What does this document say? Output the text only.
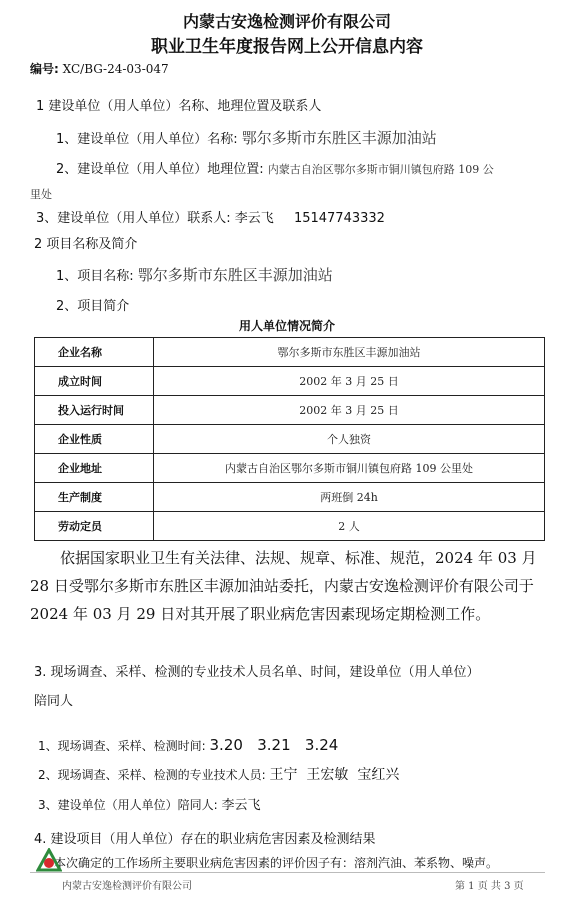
内蒙古安逸检测评价有限公司
职业卫生年度报告网上公开信息内容
编号: XC/BG-24-03-047
1 建设单位（用人单位）名称、地理位置及联系人
1、建设单位（用人单位）名称: 鄂尔多斯市东胜区丰源加油站
2、建设单位（用人单位）地理位置: 内蒙古自治区鄂尔多斯市铜川镇包府路 109 公
里处
3、建设单位（用人单位）联系人: 李云飞 15147743332
2 项目名称及简介
1、项目名称: 鄂尔多斯市东胜区丰源加油站
2、项目简介
用人单位情况简介
企业名称	鄂尔多斯市东胜区丰源加油站
成立时间	2002 年 3 月 25 日
投入运行时间	2002 年 3 月 25 日
企业性质	个人独资
企业地址	内蒙古自治区鄂尔多斯市铜川镇包府路 109 公里处
生产制度	两班倒 24h
劳动定员	2 人
依据国家职业卫生有关法律、法规、规章、标准、规范，2024 年 03 月 28 日受鄂尔多斯市东胜区丰源加油站委托，内蒙古安逸检测评价有限公司于 2024 年 03 月 29 日对其开展了职业病危害因素现场定期检测工作。
3. 现场调查、采样、检测的专业技术人员名单、时间，建设单位（用人单位）
陪同人
1、现场调查、采样、检测时间: 3.20   3.21   3.24
2、现场调查、采样、检测的专业技术人员: 王宁  王宏敏  宝红兴
3、建设单位（用人单位）陪同人: 李云飞
4. 建设项目（用人单位）存在的职业病危害因素及检测结果
本次确定的工作场所主要职业病危害因素的评价因子有：溶剂汽油、苯系物、噪声。
内蒙古安逸检测评价有限公司	第 1 页 共 3 页
